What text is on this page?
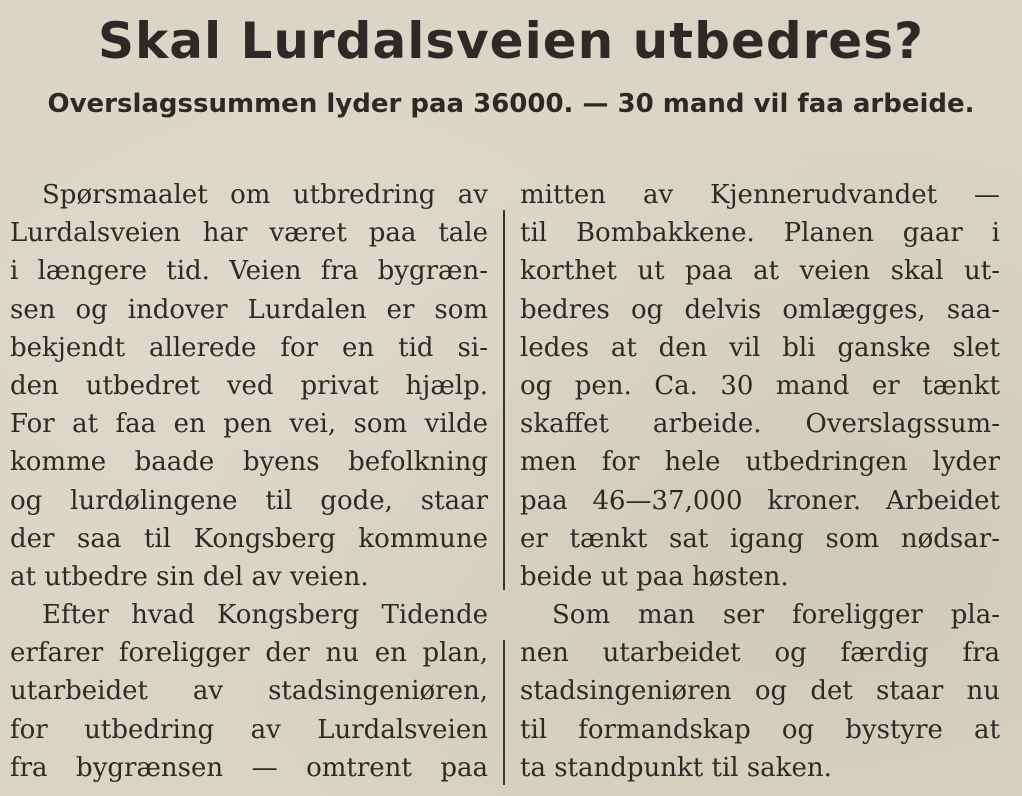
Skal Lurdalsveien utbedres?
Overslagssummen lyder paa 36000. — 30 mand vil faa arbeide.
Spørsmaalet om utbredring av
Lurdalsveien har været paa tale
i længere tid. Veien fra bygræn-
sen og indover Lurdalen er som
bekjendt allerede for en tid si-
den utbedret ved privat hjælp.
For at faa en pen vei, som vilde
komme baade byens befolkning
og lurdølingene til gode, staar
der saa til Kongsberg kommune
at utbedre sin del av veien.
Efter hvad Kongsberg Tidende
erfarer foreligger der nu en plan,
utarbeidet av stadsingeniøren,
for utbedring av Lurdalsveien
fra bygrænsen — omtrent paa
mitten av Kjennerudvandet —
til Bombakkene. Planen gaar i
korthet ut paa at veien skal ut-
bedres og delvis omlægges, saa-
ledes at den vil bli ganske slet
og pen. Ca. 30 mand er tænkt
skaffet arbeide. Overslagssum-
men for hele utbedringen lyder
paa 46—37,000 kroner. Arbeidet
er tænkt sat igang som nødsar-
beide ut paa høsten.
Som man ser foreligger pla-
nen utarbeidet og færdig fra
stadsingeniøren og det staar nu
til formandskap og bystyre at
ta standpunkt til saken.
